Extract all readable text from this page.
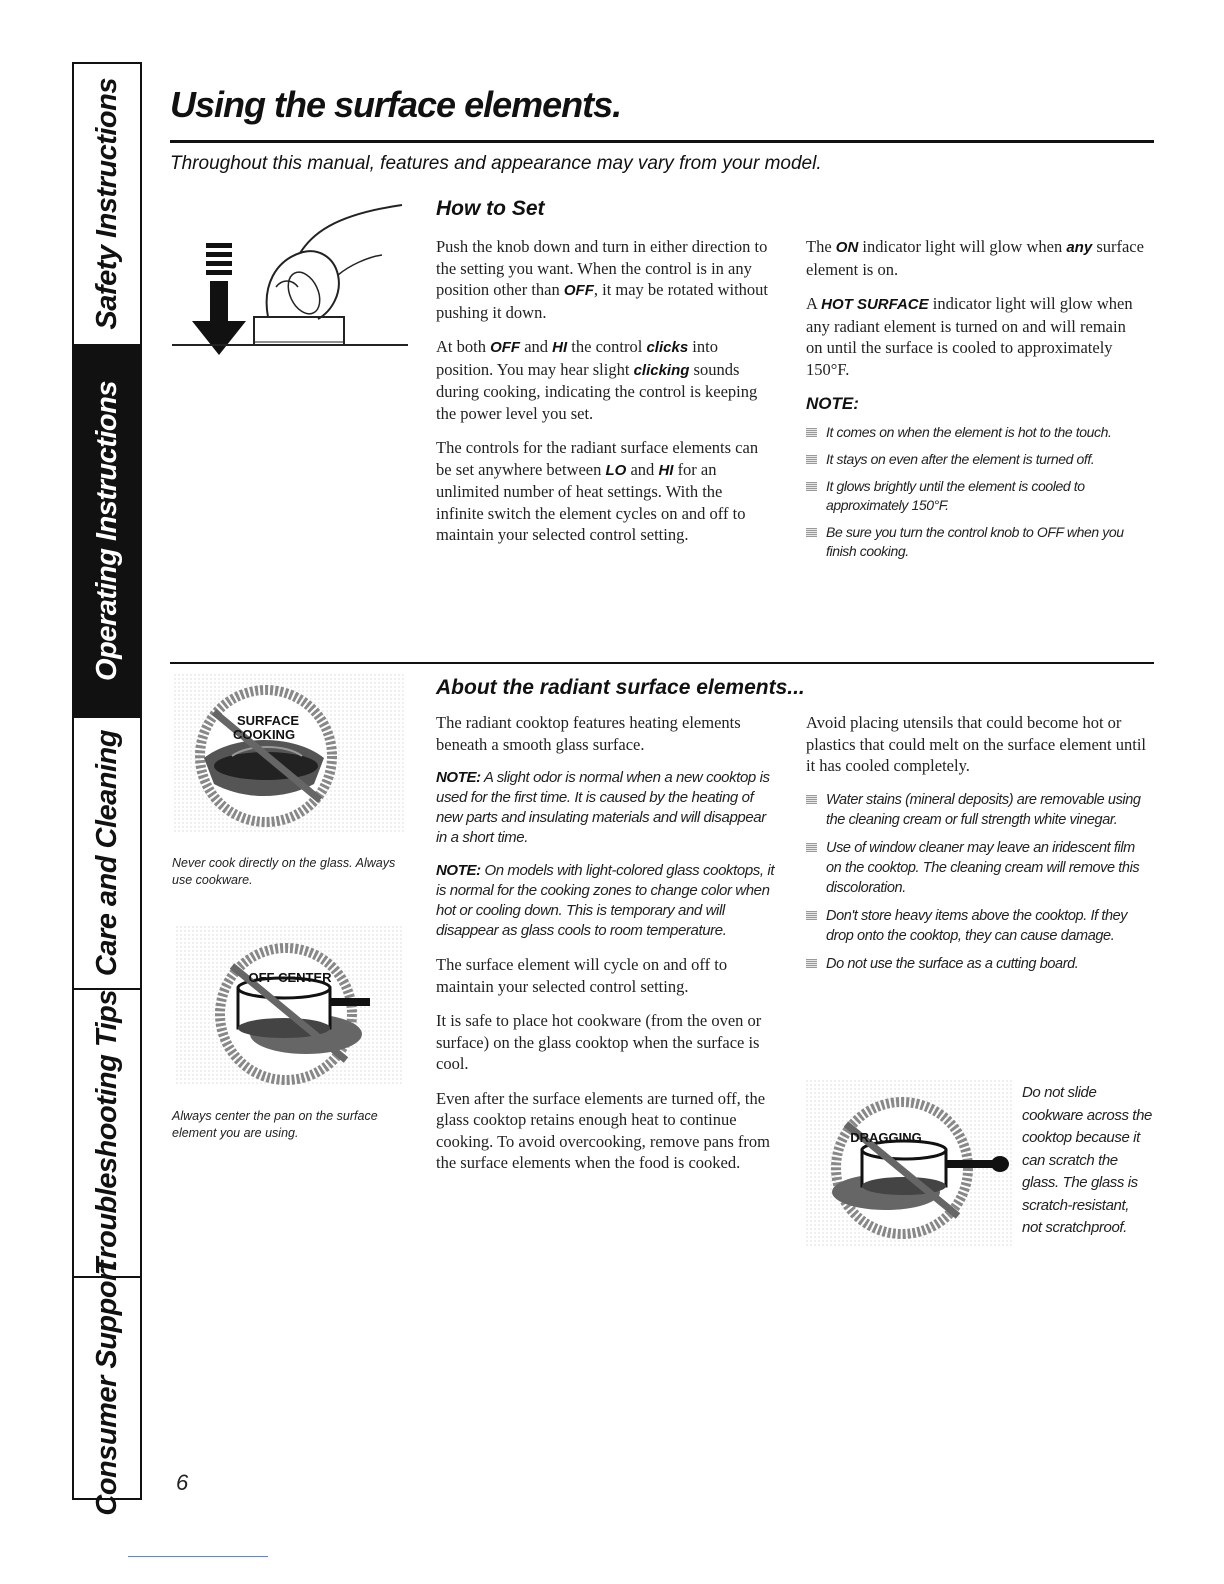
Safety Instructions
Operating Instructions
Care and Cleaning
Troubleshooting Tips
Consumer Support
Using the surface elements.
Throughout this manual, features and appearance may vary from your model.
How to Set

Push the knob down and turn in either direction to the setting you want. When the control is in any position other than OFF, it may be rotated without pushing it down.

At both OFF and HI the control clicks into position. You may hear slight clicking sounds during cooking, indicating the control is keeping the power level you set.

The controls for the radiant surface elements can be set anywhere between LO and HI for an unlimited number of heat settings. With the infinite switch the element cycles on and off to maintain your selected control setting.

The ON indicator light will glow when any surface element is on.

A HOT SURFACE indicator light will glow when any radiant element is turned on and will remain on until the surface is cooled to approximately 150°F.

NOTE:
It comes on when the element is hot to the touch.
It stays on even after the element is turned off.
It glows brightly until the element is cooled to approximately 150°F.
Be sure you turn the control knob to OFF when you finish cooking.
SURFACE
COOKING
Never cook directly on the glass. Always use cookware.
OFF CENTER
Always center the pan on the surface element you are using.
About the radiant surface elements...

The radiant cooktop features heating elements beneath a smooth glass surface.

NOTE: A slight odor is normal when a new cooktop is used for the first time. It is caused by the heating of new parts and insulating materials and will disappear in a short time.

NOTE: On models with light-colored glass cooktops, it is normal for the cooking zones to change color when hot or cooling down. This is temporary and will disappear as glass cools to room temperature.

The surface element will cycle on and off to maintain your selected control setting.

It is safe to place hot cookware (from the oven or surface) on the glass cooktop when the surface is cool.

Even after the surface elements are turned off, the glass cooktop retains enough heat to continue cooking. To avoid overcooking, remove pans from the surface elements when the food is cooked.

Avoid placing utensils that could become hot or plastics that could melt on the surface element until it has cooled completely.

Water stains (mineral deposits) are removable using the cleaning cream or full strength white vinegar.
Use of window cleaner may leave an iridescent film on the cooktop. The cleaning cream will remove this discoloration.
Don't store heavy items above the cooktop. If they drop onto the cooktop, they can cause damage.
Do not use the surface as a cutting board.
DRAGGING
Do not slide cookware across the cooktop because it can scratch the glass. The glass is scratch-resistant, not scratchproof.
6
